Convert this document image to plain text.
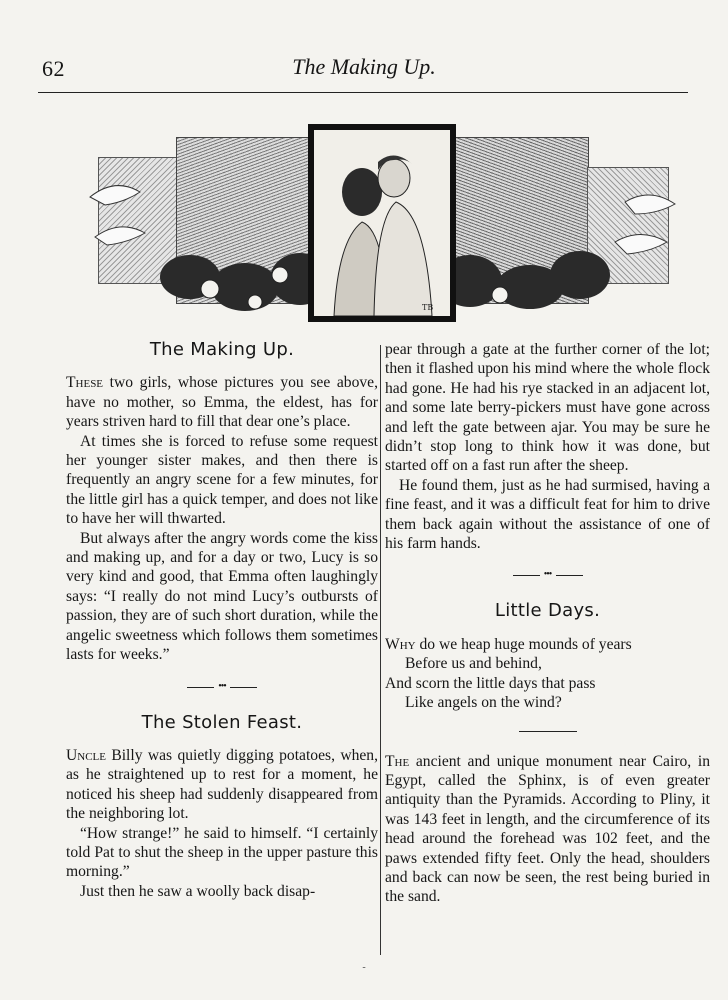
62	The Making Up.
TB
The Making Up.

These two girls, whose pictures you see above, have no mother, so Emma, the eldest, has for years striven hard to fill that dear one’s place.

At times she is forced to refuse some request her younger sister makes, and then there is frequently an angry scene for a few minutes, for the little girl has a quick temper, and does not like to have her will thwarted.

But always after the angry words come the kiss and making up, and for a day or two, Lucy is so very kind and good, that Emma often laughingly says: “I really do not mind Lucy’s outbursts of passion, they are of such short duration, while the angelic sweetness which follows them sometimes lasts for weeks.”

•••
The Stolen Feast.

Uncle Billy was quietly digging potatoes, when, as he straightened up to rest for a moment, he noticed his sheep had suddenly disappeared from the neighboring lot.

“How strange!” he said to himself. “I certainly told Pat to shut the sheep in the upper pasture this morning.”

Just then he saw a woolly back disap-

pear through a gate at the further corner of the lot; then it flashed upon his mind where the whole flock had gone. He had his rye stacked in an adjacent lot, and some late berry-pickers must have gone across and left the gate between ajar. You may be sure he didn’t stop long to think how it was done, but started off on a fast run after the sheep.

He found them, just as he had surmised, having a fine feast, and it was a difficult feat for him to drive them back again without the assistance of one of his farm hands.

•••
Little Days.
Why do we heap huge mounds of years
Before us and behind,
And scorn the little days that pass
Like angels on the wind?

The ancient and unique monument near Cairo, in Egypt, called the Sphinx, is of even greater antiquity than the Pyramids. According to Pliny, it was 143 feet in length, and the circumference of its head around the forehead was 102 feet, and the paws extended fifty feet. Only the head, shoulders and back can now be seen, the rest being buried in the sand.

-
